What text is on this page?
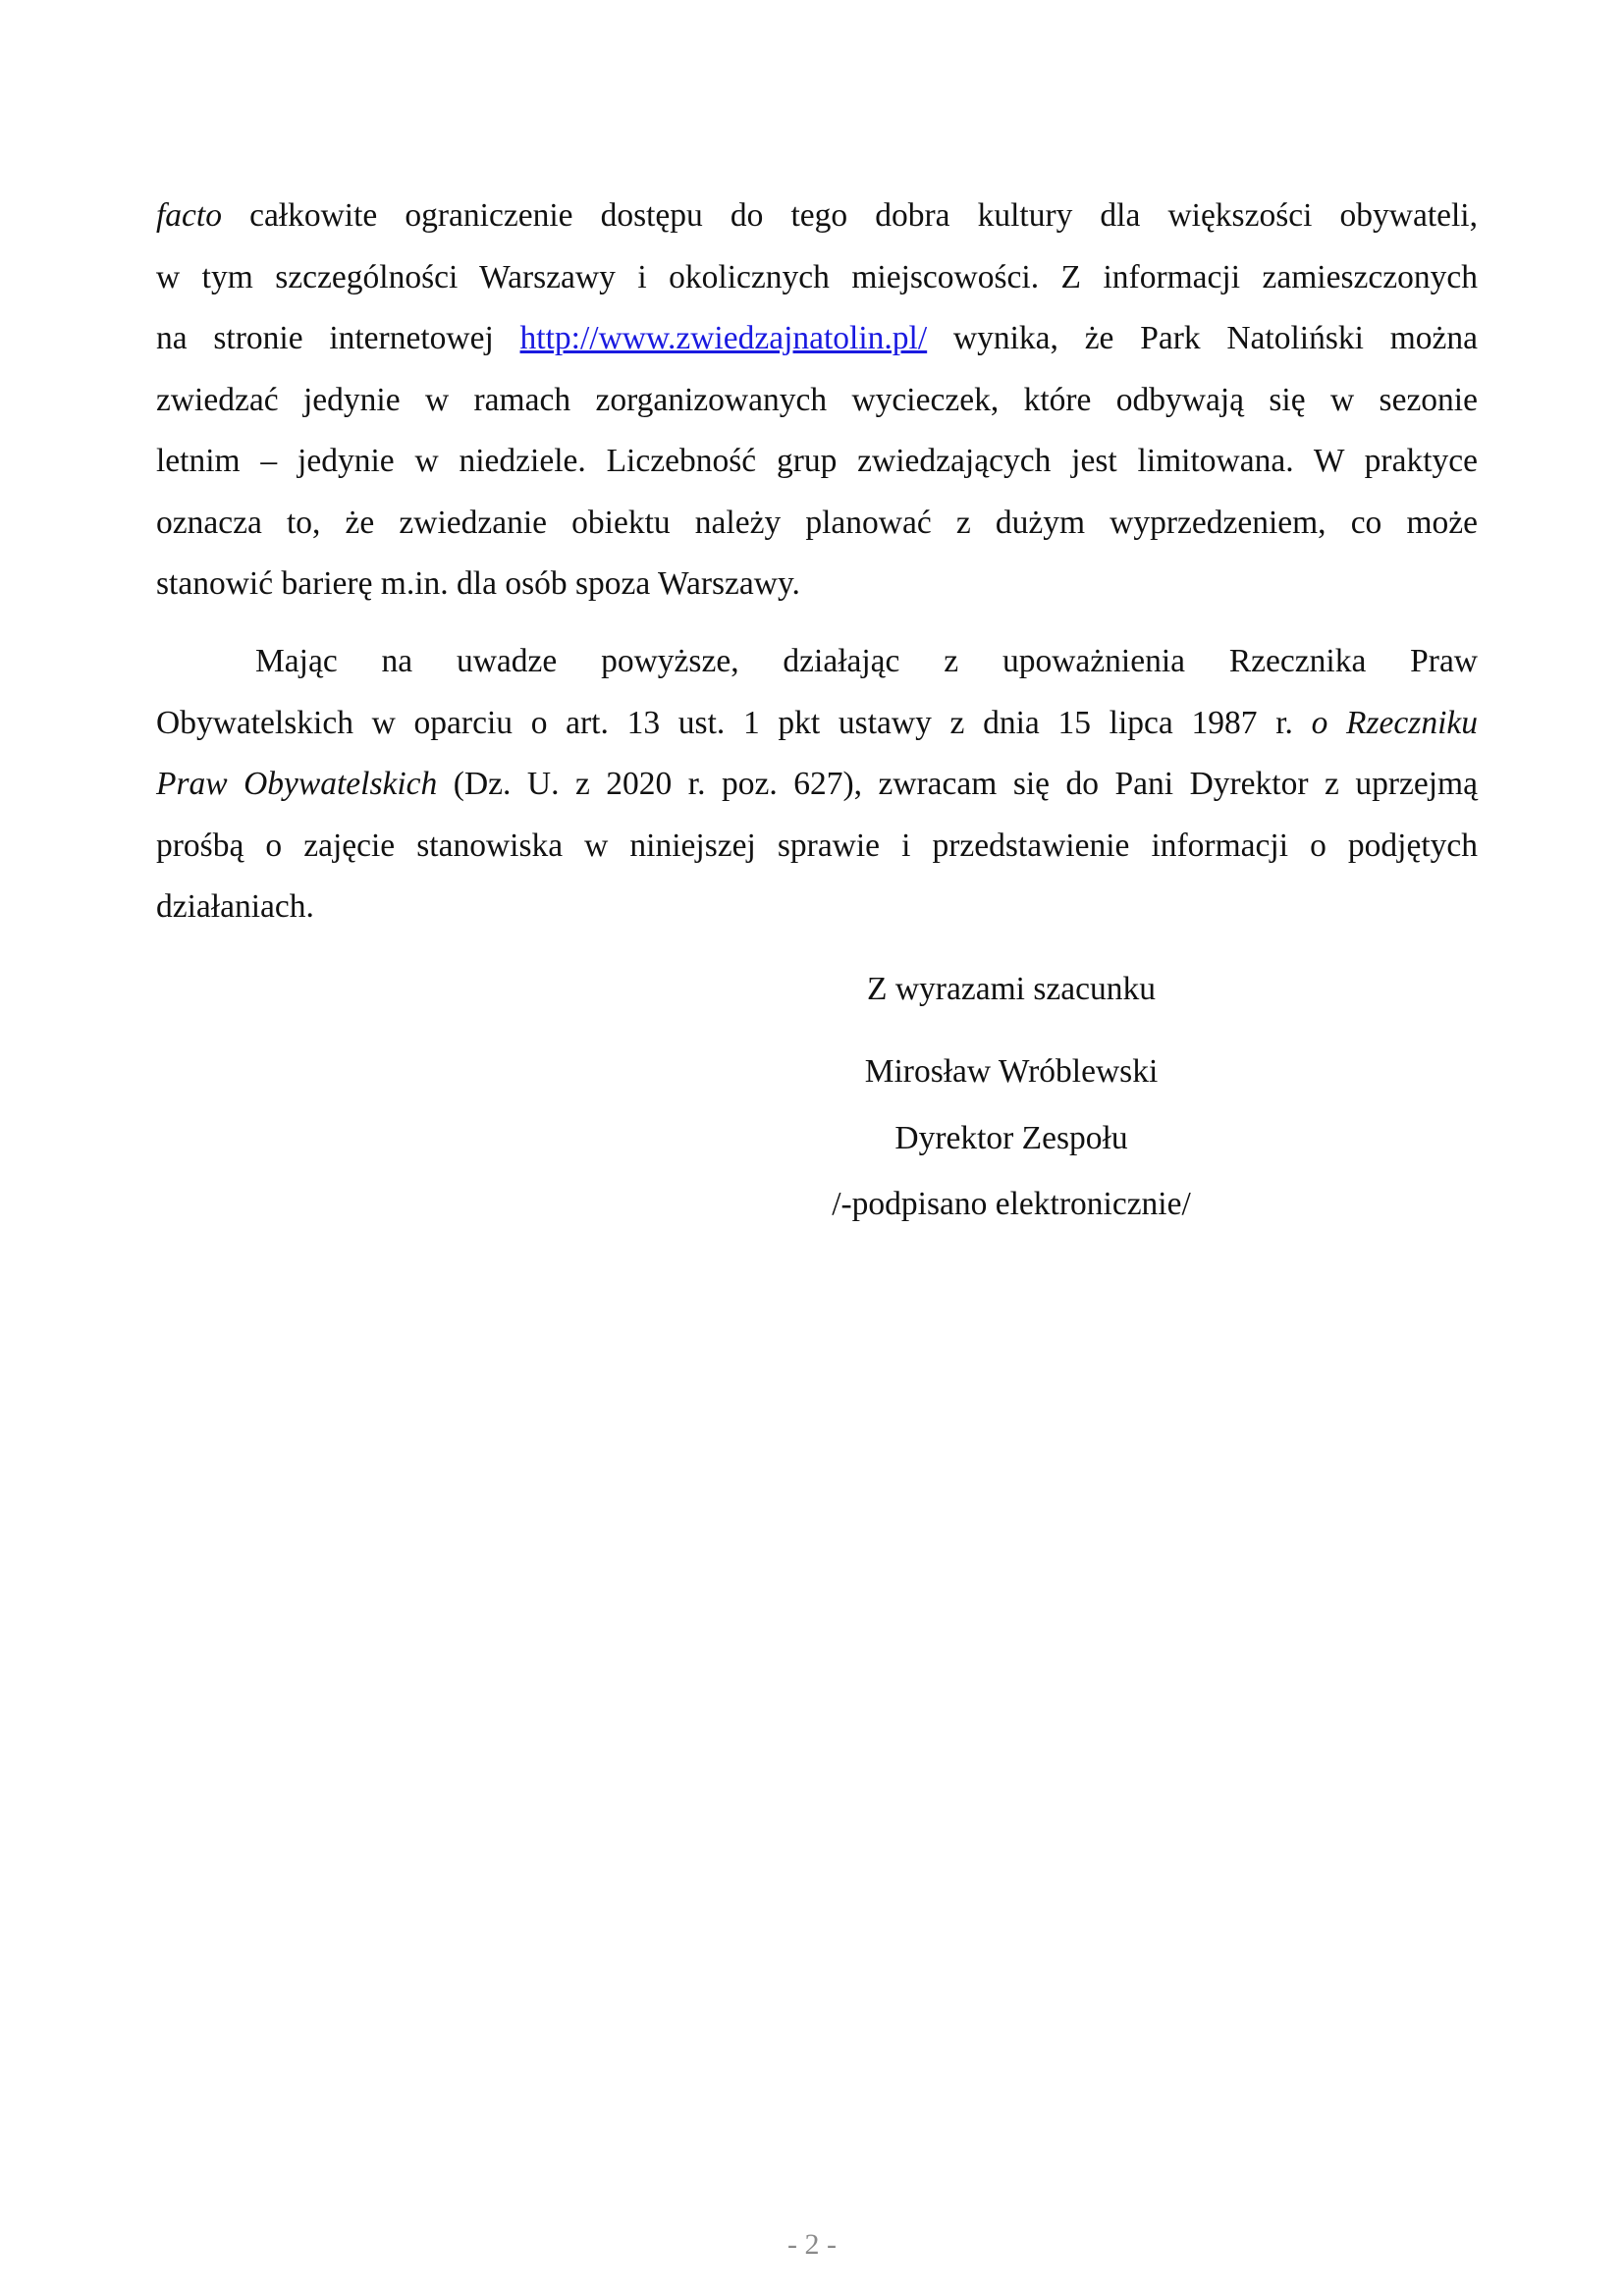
facto całkowite ograniczenie dostępu do tego dobra kultury dla większości obywateli,
w tym szczególności Warszawy i okolicznych miejscowości. Z informacji zamieszczonych
na stronie internetowej http://www.zwiedzajnatolin.pl/ wynika, że Park Natoliński można
zwiedzać jedynie w ramach zorganizowanych wycieczek, które odbywają się w sezonie
letnim – jedynie w niedziele. Liczebność grup zwiedzających jest limitowana. W praktyce
oznacza to, że zwiedzanie obiektu należy planować z dużym wyprzedzeniem, co może
stanowić barierę m.in. dla osób spoza Warszawy.
Mając na uwadze powyższe, działając z upoważnienia Rzecznika Praw
Obywatelskich w oparciu o art. 13 ust. 1 pkt ustawy z dnia 15 lipca 1987 r. o Rzeczniku
Praw Obywatelskich (Dz. U. z 2020 r. poz. 627), zwracam się do Pani Dyrektor z uprzejmą
prośbą o zajęcie stanowiska w niniejszej sprawie i przedstawienie informacji o podjętych
działaniach.
Z wyrazami szacunku
Mirosław Wróblewski
Dyrektor Zespołu
/-podpisano elektronicznie/
- 2 -
